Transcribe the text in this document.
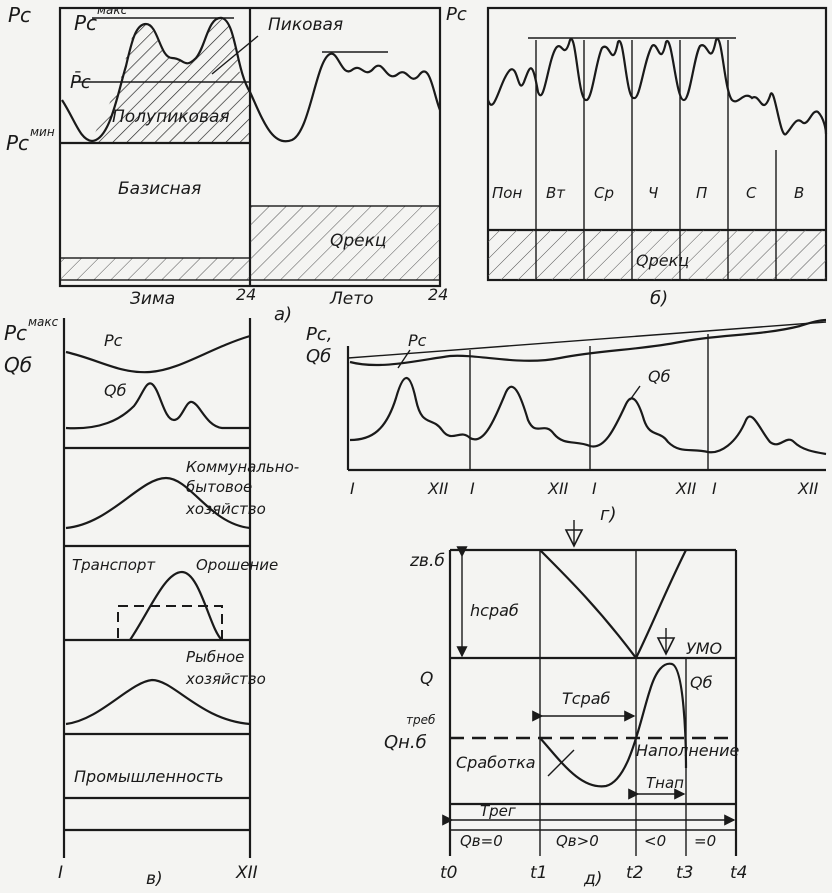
Pс Pс
макс
P̄с
Pс мин
Пиковая
Полупиковая
Базисная
Qрекц
Зима	Лето
24	24
а)
Pс
Пон Вт Ср Ч	П	С	В
Qрекц
б)
Pс макс
Qб
Pс
Qб
Коммунально-
бытовое
хозяйство
Транспорт	Орошение
Рыбное
хозяйство
Промышленность
I	XII
в)
Pс,
Qб
Pс
Qб
I	XII I	XII I	XII I	XII
г)
zв.б
hсраб
УМО
Q	Qб
Qн.б
треб
Tсраб
Сработка
Наполнение
Tнап
Tрег
Qв=0	Qв>0	<0 =0
t0	t1	t2 t3 t4
д)
